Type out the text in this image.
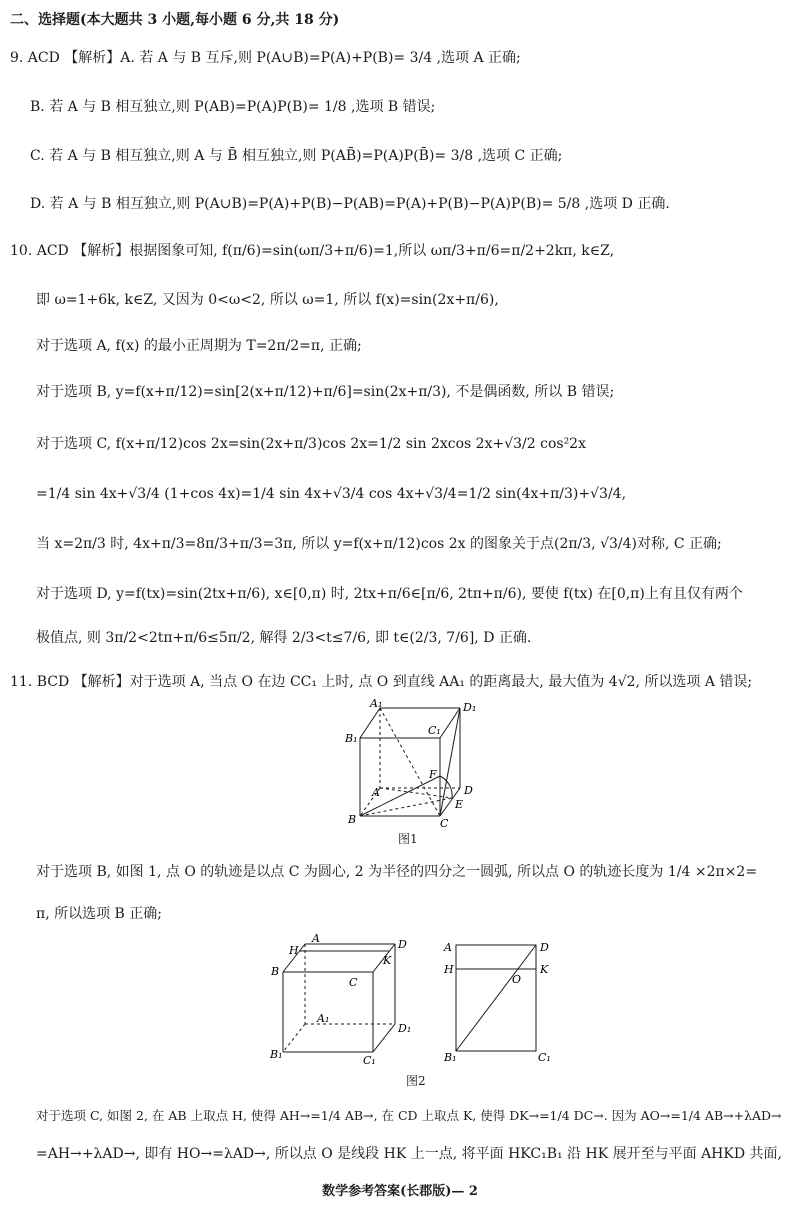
二、选择题(本大题共 3 小题,每小题 6 分,共 18 分)
9. ACD 【解析】A. 若 A 与 B 互斥,则 P(A∪B)=P(A)+P(B)= 3/4 ,选项 A 正确;
B. 若 A 与 B 相互独立,则 P(AB)=P(A)P(B)= 1/8 ,选项 B 错误;
C. 若 A 与 B 相互独立,则 A 与 B̄ 相互独立,则 P(AB̄)=P(A)P(B̄)= 3/8 ,选项 C 正确;
D. 若 A 与 B 相互独立,则 P(A∪B)=P(A)+P(B)−P(AB)=P(A)+P(B)−P(A)P(B)= 5/8 ,选项 D 正确.
10. ACD 【解析】根据图象可知, f(π/6)=sin(ωπ/3+π/6)=1,所以 ωπ/3+π/6=π/2+2kπ, k∈Z,
即 ω=1+6k, k∈Z, 又因为 0<ω<2, 所以 ω=1, 所以 f(x)=sin(2x+π/6),
对于选项 A, f(x) 的最小正周期为 T=2π/2=π, 正确;
对于选项 B, y=f(x+π/12)=sin[2(x+π/12)+π/6]=sin(2x+π/3), 不是偶函数, 所以 B 错误;
对于选项 C, f(x+π/12)cos 2x=sin(2x+π/3)cos 2x=1/2 sin 2xcos 2x+√3/2 cos²2x
=1/4 sin 4x+√3/4 (1+cos 4x)=1/4 sin 4x+√3/4 cos 4x+√3/4=1/2 sin(4x+π/3)+√3/4,
当 x=2π/3 时, 4x+π/3=8π/3+π/3=3π, 所以 y=f(x+π/12)cos 2x 的图象关于点(2π/3, √3/4)对称, C 正确;
对于选项 D, y=f(tx)=sin(2tx+π/6), x∈[0,π) 时, 2tx+π/6∈[π/6, 2tπ+π/6), 要使 f(tx) 在[0,π)上有且仅有两个
极值点, 则 3π/2<2tπ+π/6≤5π/2, 解得 2/3<t≤7/6, 即 t∈(2/3, 7/6], D 正确.
11. BCD 【解析】对于选项 A, 当点 O 在边 CC₁ 上时, 点 O 到直线 AA₁ 的距离最大, 最大值为 4√2, 所以选项 A 错误;
A₁	D₁
B₁
C₁
F
A	D
E
B	C
图1
对于选项 B, 如图 1, 点 O 的轨迹是以点 C 为圆心, 2 为半径的四分之一圆弧, 所以点 O 的轨迹长度为 1/4 ×2π×2=
π, 所以选项 B 正确;
H
A	D
B
K
C
A₁
D₁
B₁	C₁
A	D
H	K
O
B₁	C₁
图2
对于选项 C, 如图 2, 在 AB 上取点 H, 使得 AH→=1/4 AB→, 在 CD 上取点 K, 使得 DK→=1/4 DC→. 因为 AO→=1/4 AB→+λAD→
=AH→+λAD→, 即有 HO→=λAD→, 所以点 O 是线段 HK 上一点, 将平面 HKC₁B₁ 沿 HK 展开至与平面 AHKD 共面,
数学参考答案(长郡版)— 2
